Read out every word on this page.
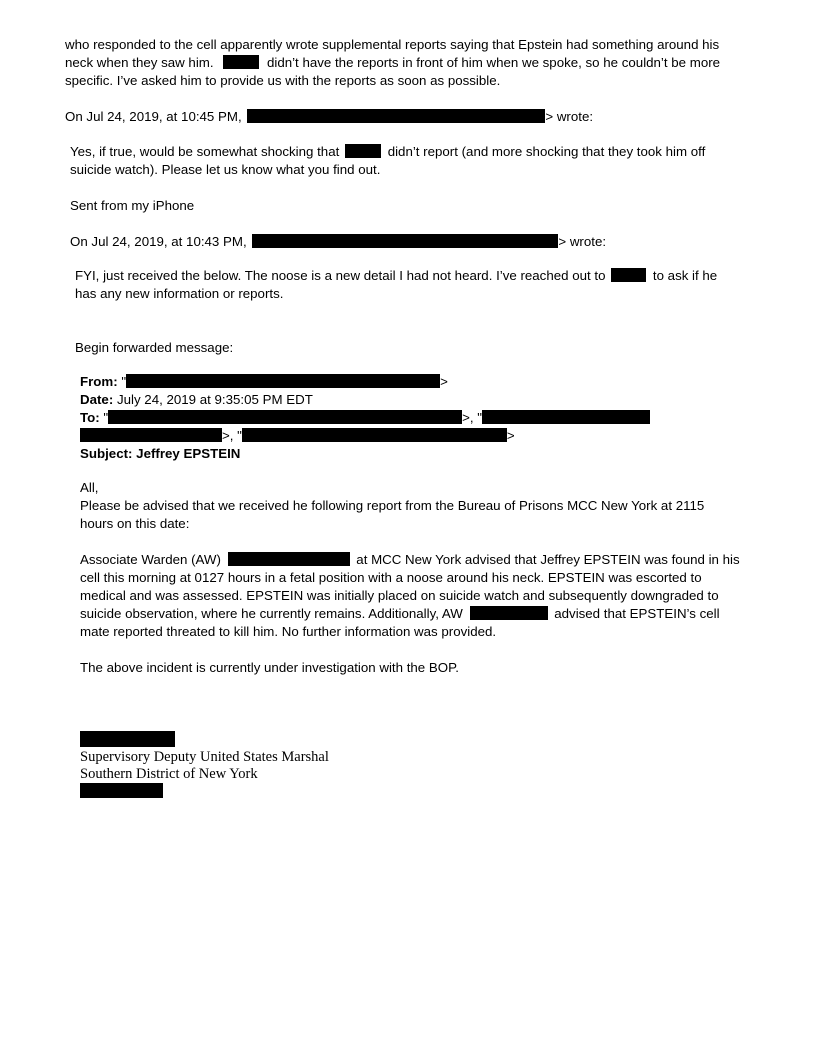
who responded to the cell apparently wrote supplemental reports saying that Epstein had something around his
neck when they saw him.	didn’t have the reports in front of him when we spoke, so he couldn’t be more
specific. I’ve asked him to provide us with the reports as soon as possible.
On Jul 24, 2019, at 10:45 PM,	> wrote:
Yes, if true, would be somewhat shocking that	didn’t report (and more shocking that they took him off
suicide watch). Please let us know what you find out.
Sent from my iPhone
On Jul 24, 2019, at 10:43 PM,	> wrote:
FYI, just received the below. The noose is a new detail I had not heard. I’ve reached out to	to ask if he
has any new information or reports.
Begin forwarded message:
From: "	>
Date: July 24, 2019 at 9:35:05 PM EDT
To: "	>, "
>, "	>
Subject: Jeffrey EPSTEIN
All,
Please be advised that we received he following report from the Bureau of Prisons MCC New York at 2115
hours on this date:
Associate Warden (AW)	at MCC New York advised that Jeffrey EPSTEIN was found in his
cell this morning at 0127 hours in a fetal position with a noose around his neck. EPSTEIN was escorted to
medical and was assessed. EPSTEIN was initially placed on suicide watch and subsequently downgraded to
suicide observation, where he currently remains. Additionally, AW	advised that EPSTEIN’s cell
mate reported threated to kill him. No further information was provided.
The above incident is currently under investigation with the BOP.
Supervisory Deputy United States Marshal
Southern District of New York
